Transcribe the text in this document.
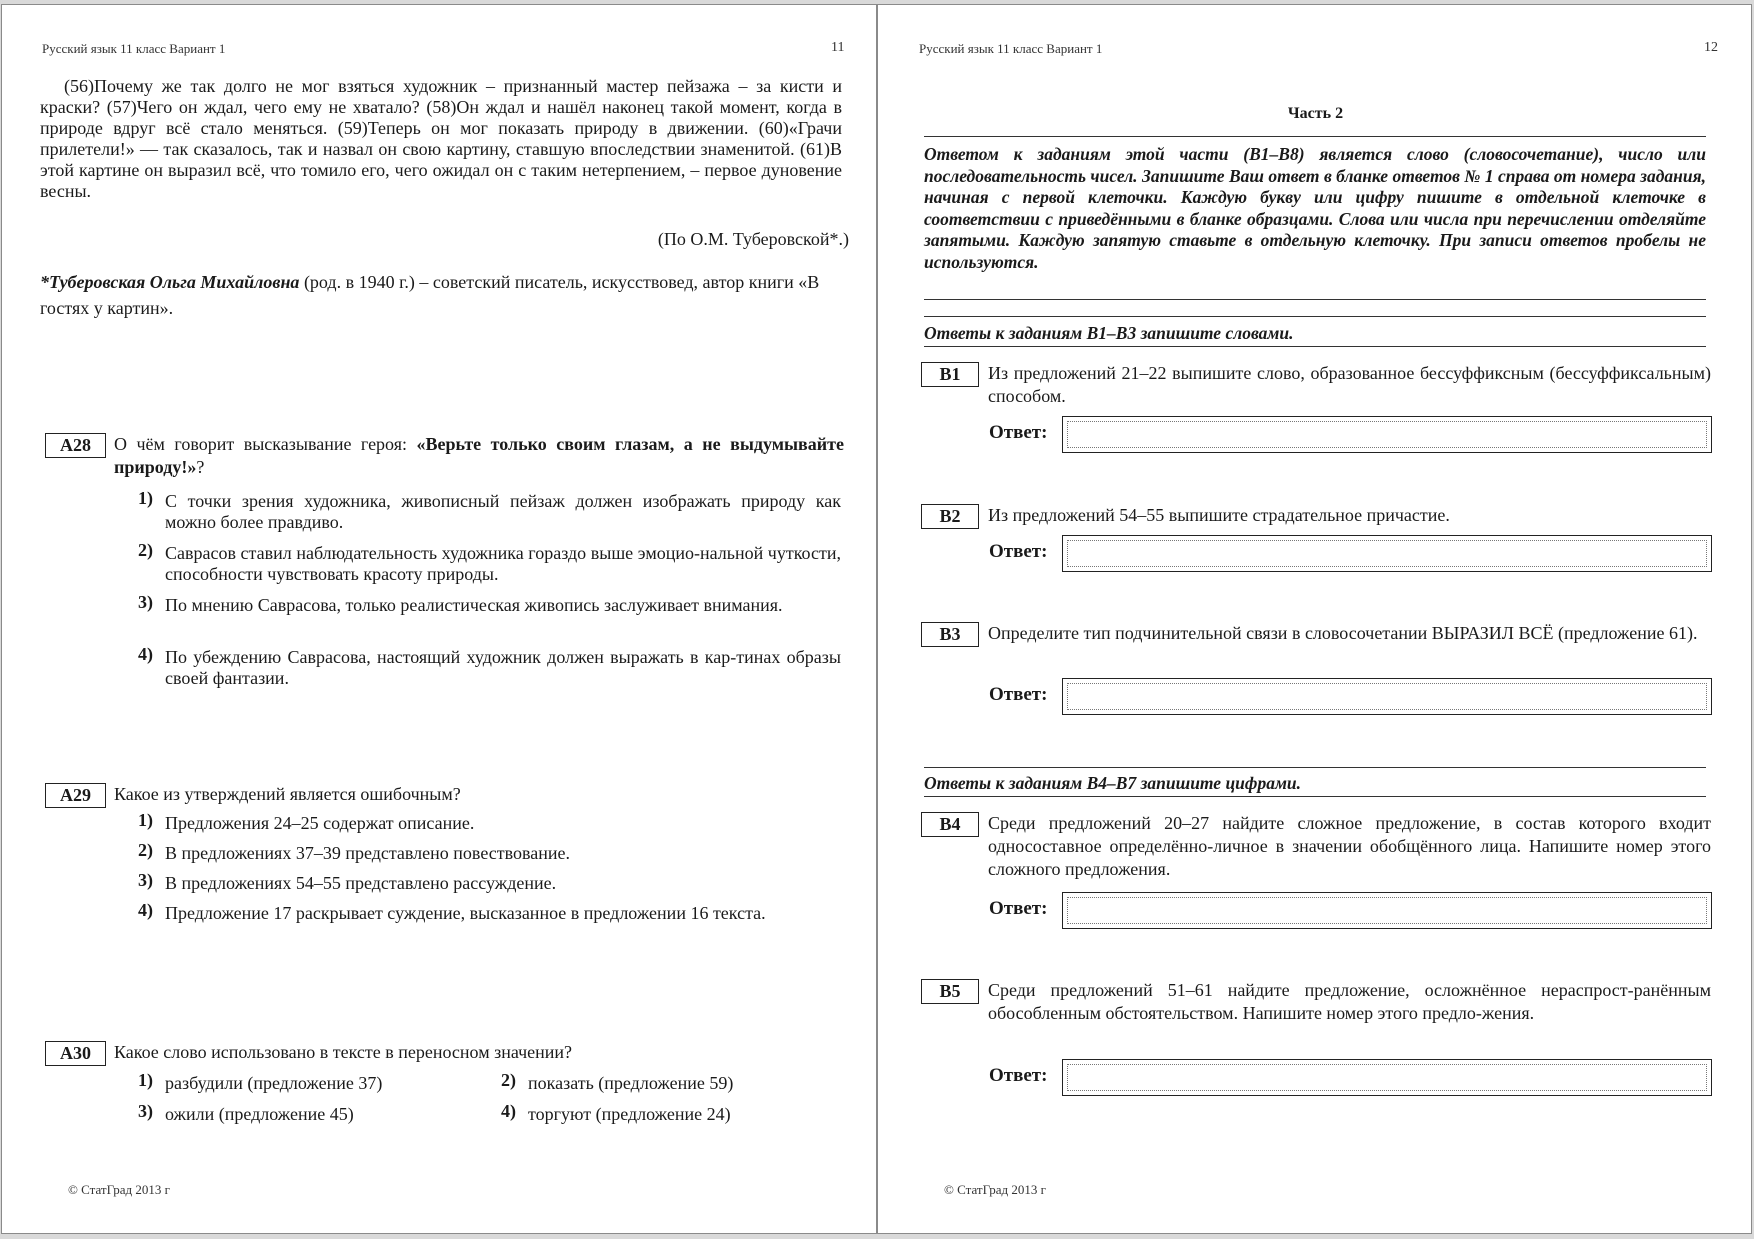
Русский язык 11 класс Вариант 1	11
(56)Почему же так долго не мог взяться художник – признанный мастер пейзажа – за кисти и краски? (57)Чего он ждал, чего ему не хватало? (58)Он ждал и нашёл наконец такой момент, когда в природе вдруг всё стало меняться. (59)Теперь он мог показать природу в движении. (60)«Грачи прилетели!» — так сказалось, так и назвал он свою картину, ставшую впоследствии знаменитой. (61)В этой картине он выразил всё, что томило его, чего ожидал он с таким нетерпением, – первое дуновение весны.
(По О.М. Туберовской*.)
*Туберовская Ольга Михайловна (род. в 1940 г.) – советский писатель, искусствовед, автор книги «В гостях у картин».
A28	О чём говорит высказывание героя: «Верьте только своим глазам, а не выдумывайте природу!»?
1) С точки зрения художника, живописный пейзаж должен изображать природу как можно более правдиво.
2) Саврасов ставил наблюдательность художника гораздо выше эмоцио-нальной чуткости, способности чувствовать красоту природы.
3) По мнению Саврасова, только реалистическая живопись заслуживает внимания.
4) По убеждению Саврасова, настоящий художник должен выражать в кар-тинах образы своей фантазии.
A29	Какое из утверждений является ошибочным?
1) Предложения 24–25 содержат описание.
2) В предложениях 37–39 представлено повествование.
3) В предложениях 54–55 представлено рассуждение.
4) Предложение 17 раскрывает суждение, высказанное в предложении 16 текста.
A30	Какое слово использовано в тексте в переносном значении?
1) разбудили (предложение 37)	2) показать (предложение 59)
3) ожили (предложение 45)	4) торгуют (предложение 24)
© СтатГрад 2013 г
Русский язык 11 класс Вариант 1	12
Часть 2
Ответом к заданиям этой части (В1–В8) является слово (словосочетание), число или последовательность чисел. Запишите Ваш ответ в бланке ответов № 1 справа от номера задания, начиная с первой клеточки. Каждую букву или цифру пишите в отдельной клеточке в соответствии с приведёнными в бланке образцами. Слова или числа при перечислении отделяйте запятыми. Каждую запятую ставьте в отдельную клеточку. При записи ответов пробелы не используются.
Ответы к заданиям В1–В3 запишите словами.
B1	Из предложений 21–22 выпишите слово, образованное бессуффиксным (бессуффиксальным) способом.
Ответ:
B2	Из предложений 54–55 выпишите страдательное причастие.
Ответ:
B3	Определите тип подчинительной связи в словосочетании ВЫРАЗИЛ ВСЁ (предложение 61).
Ответ:
Ответы к заданиям В4–В7 запишите цифрами.
B4	Среди предложений 20–27 найдите сложное предложение, в состав которого входит односоставное определённо-личное в значении обобщённого лица. Напишите номер этого сложного предложения.
Ответ:
B5	Среди предложений 51–61 найдите предложение, осложнённое нераспрост-ранённым обособленным обстоятельством. Напишите номер этого предло-жения.
Ответ:
© СтатГрад 2013 г
